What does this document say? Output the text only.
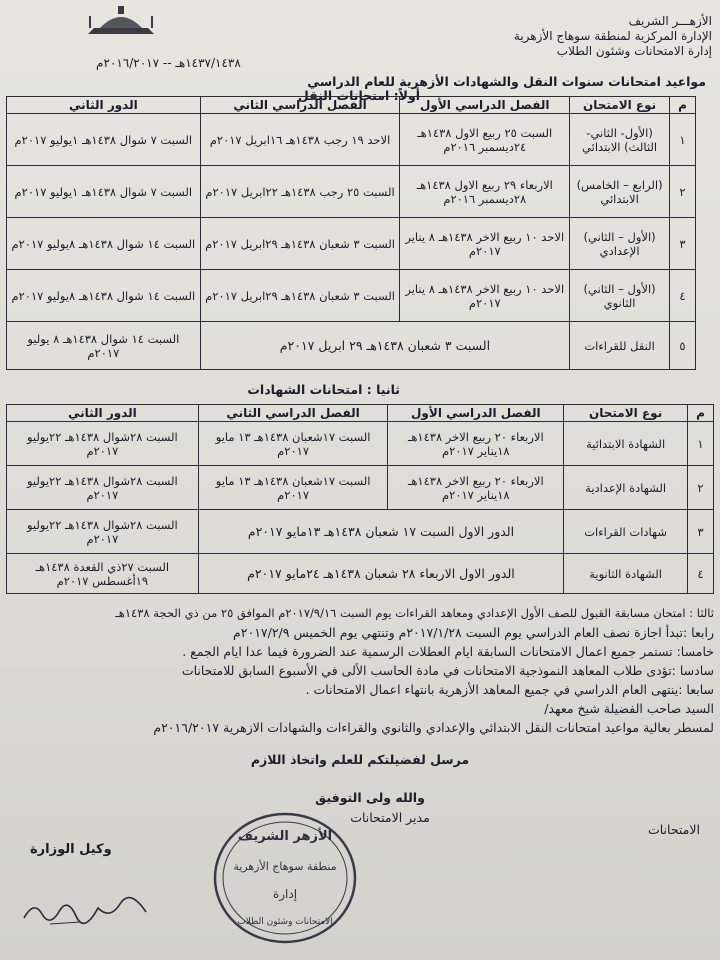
الأزهـــر الشريف
الإدارة المركزية لمنطقة سوهاج الأزهرية
إدارة الامتحانات وشئون الطلاب
١٤٣٧/١٤٣٨هـ -- ٢٠١٦/٢٠١٧م
مواعيد امتحانات سنوات النقل والشهادات الأزهرية للعام الدراسي
أولاً: امتحانات النقل
م	نوع الامتحان	الفصل الدراسي الأول	الفصل الدراسي الثاني	الدور الثاني
١	(الأول- الثاني- الثالث) الابتدائي	السبت ٢٥ ربيع الاول ١٤٣٨هـ ٢٤ديسمبر ٢٠١٦م	الاحد ١٩ رجب ١٤٣٨هـ ١٦ابريل ٢٠١٧م	السبت ٧ شوال ١٤٣٨هـ ١يوليو ٢٠١٧م
٢	(الرابع – الخامس) الابتدائي	الاربعاء ٢٩ ربيع الاول ١٤٣٨هـ ٢٨ديسمبر ٢٠١٦م	السبت ٢٥ رجب ١٤٣٨هـ ٢٢ابريل ٢٠١٧م	السبت ٧ شوال ١٤٣٨هـ ١يوليو ٢٠١٧م
٣	(الأول – الثاني) الإعدادي	الاحد ١٠ ربيع الاخر ١٤٣٨هـ ٨ يناير ٢٠١٧م	السبت ٣ شعبان ١٤٣٨هـ ٢٩ابريل ٢٠١٧م	السبت ١٤ شوال ١٤٣٨هـ ٨يوليو ٢٠١٧م
٤	(الأول – الثاني) الثانوي	الاحد ١٠ ربيع الاخر ١٤٣٨هـ ٨ يناير ٢٠١٧م	السبت ٣ شعبان ١٤٣٨هـ ٢٩ابريل ٢٠١٧م	السبت ١٤ شوال ١٤٣٨هـ ٨يوليو ٢٠١٧م
٥	النقل للقراءات	السبت ٣ شعبان ١٤٣٨هـ ٢٩ ابريل ٢٠١٧م		السبت ١٤ شوال ١٤٣٨هـ ٨ يوليو ٢٠١٧م
ثانيا : امتحانات الشهادات
م	نوع الامتحان	الفصل الدراسي الأول	الفصل الدراسي الثاني	الدور الثاني
١	الشهادة الابتدائية	الاربعاء ٢٠ ربيع الاخر ١٤٣٨هـ ١٨يناير ٢٠١٧م	السبت ١٧شعبان ١٤٣٨هـ ١٣ مايو ٢٠١٧م	السبت ٢٨شوال ١٤٣٨هـ ٢٢يوليو ٢٠١٧م
٢	الشهادة الإعدادية	الاربعاء ٢٠ ربيع الاخر ١٤٣٨هـ ١٨يناير ٢٠١٧م	السبت ١٧شعبان ١٤٣٨هـ ١٣ مايو ٢٠١٧م	السبت ٢٨شوال ١٤٣٨هـ ٢٢يوليو ٢٠١٧م
٣	شهادات القراءات	الدور الاول السبت ١٧ شعبان ١٤٣٨هـ ١٣مايو ٢٠١٧م		السبت ٢٨شوال ١٤٣٨هـ ٢٢يوليو ٢٠١٧م
٤	الشهادة الثانوية	الدور الاول الاربعاء ٢٨ شعبان ١٤٣٨هـ ٢٤مايو ٢٠١٧م		السبت ٢٧ذي القعدة ١٤٣٨هـ ١٩أغسطس ٢٠١٧م
ثالثا : امتحان مسابقة القبول للصف الأول الإعدادي ومعاهد القراءات يوم السبت ٢٠١٧/٩/١٦م الموافق ٢٥ من ذي الحجة ١٤٣٨هـ
رابعا :تبدأ اجازة نصف العام الدراسي يوم السبت ٢٠١٧/١/٢٨م وتنتهي يوم الخميس ٢٠١٧/٢/٩م
خامسا: تستمر جميع اعمال الامتحانات السابقة ايام العطلات الرسمية عند الضرورة فيما عدا ايام الجمع .
سادسا :تؤدى طلاب المعاهد النموذجية الامتحانات في مادة الحاسب الألى في الأسبوع السابق للامتحانات
سابعا :ينتهى العام الدراسي في جميع المعاهد الأزهرية بانتهاء اعمال الامتحانات .
السيد صاحب الفضيلة شيخ معهد/
لمسطر بعالية مواعيد امتحانات النقل الابتدائي والإعدادي والثانوي والقراءات والشهادات الازهرية ٢٠١٦/٢٠١٧م
مرسل لفضيلتكم للعلم واتخاذ اللازم
والله ولى التوفيق
مدير الامتحانات
الامتحانات
وكيل الوزارة
الأزهر الشريف
منطقة سوهاج الأزهرية
إدارة
الامتحانات وشئون الطلاب
